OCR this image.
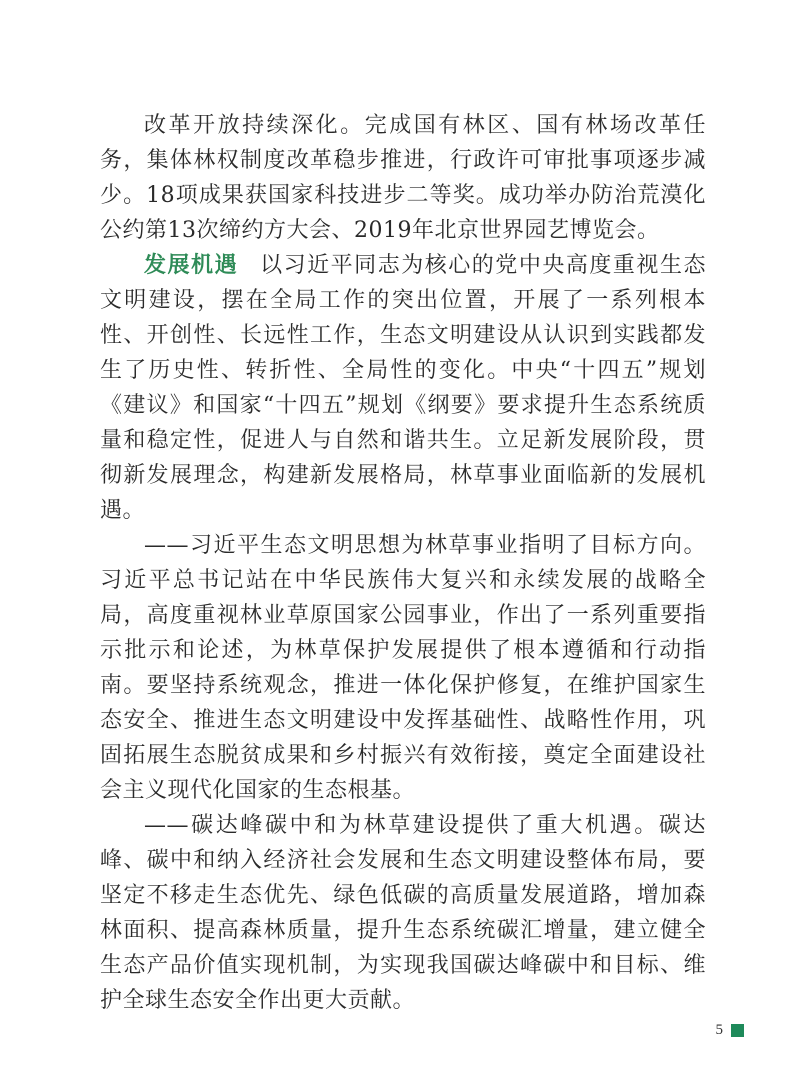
改革开放持续深化。完成国有林区、国有林场改革任务，集体林权制度改革稳步推进，行政许可审批事项逐步减少。18项成果获国家科技进步二等奖。成功举办防治荒漠化公约第13次缔约方大会、2019年北京世界园艺博览会。

发展机遇 以习近平同志为核心的党中央高度重视生态文明建设，摆在全局工作的突出位置，开展了一系列根本性、开创性、长远性工作，生态文明建设从认识到实践都发生了历史性、转折性、全局性的变化。中央“十四五”规划《建议》和国家“十四五”规划《纲要》要求提升生态系统质量和稳定性，促进人与自然和谐共生。立足新发展阶段，贯彻新发展理念，构建新发展格局，林草事业面临新的发展机遇。

——习近平生态文明思想为林草事业指明了目标方向。习近平总书记站在中华民族伟大复兴和永续发展的战略全局，高度重视林业草原国家公园事业，作出了一系列重要指示批示和论述，为林草保护发展提供了根本遵循和行动指南。要坚持系统观念，推进一体化保护修复，在维护国家生态安全、推进生态文明建设中发挥基础性、战略性作用，巩固拓展生态脱贫成果和乡村振兴有效衔接，奠定全面建设社会主义现代化国家的生态根基。

——碳达峰碳中和为林草建设提供了重大机遇。碳达峰、碳中和纳入经济社会发展和生态文明建设整体布局，要坚定不移走生态优先、绿色低碳的高质量发展道路，增加森林面积、提高森林质量，提升生态系统碳汇增量，建立健全生态产品价值实现机制，为实现我国碳达峰碳中和目标、维护全球生态安全作出更大贡献。

5
